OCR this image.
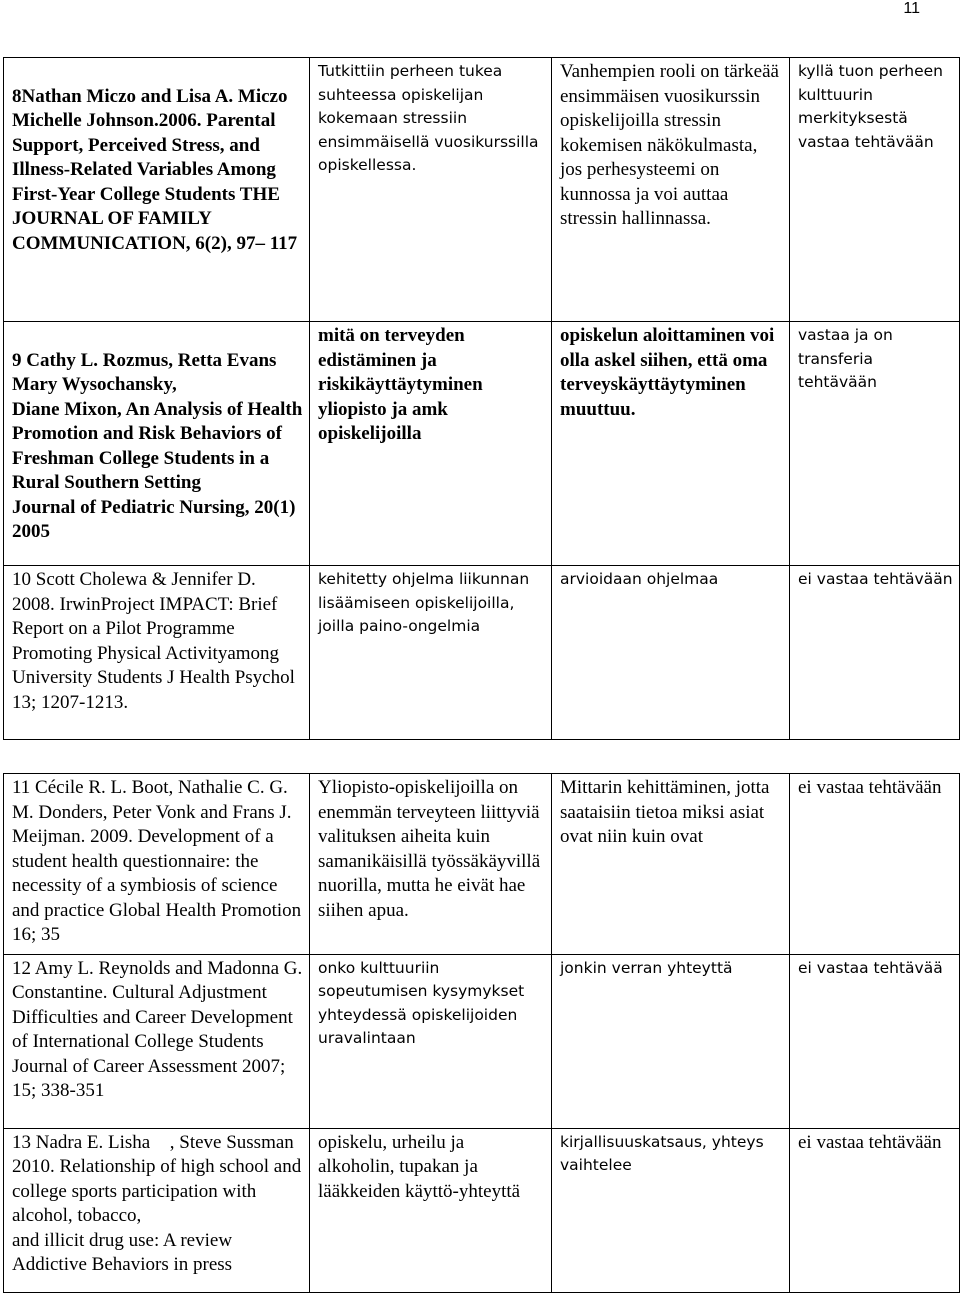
11

8Nathan Miczo and Lisa A. Miczo
Michelle Johnson.2006. Parental Support, Perceived Stress, and Illness-Related Variables Among First-Year College Students THE JOURNAL OF FAMILY COMMUNICATION, 6(2), 97– 117	Tutkittiin perheen tukea suhteessa opiskelijan kokemaan stressiin ensimmäisellä vuosikurssilla opiskellessa.	Vanhempien rooli on tärkeää ensimmäisen vuosikurssin opiskelijoilla stressin kokemisen näkökulmasta, jos perhesysteemi on kunnossa ja voi auttaa stressin hallinnassa.	kyllä tuon perheen kulttuurin merkityksestä vastaa tehtävään

9 Cathy L. Rozmus, Retta Evans
Mary Wysochansky,
Diane Mixon, An Analysis of Health Promotion and Risk Behaviors of Freshman College Students in a Rural Southern Setting
Journal of Pediatric Nursing, 20(1) 2005	mitä on terveyden edistäminen ja riskikäyttäytyminen yliopisto ja amk opiskelijoilla	opiskelun aloittaminen voi olla askel siihen, että oma terveyskäyttäytyminen muuttuu.	vastaa ja on transferia tehtävään
10 Scott Cholewa & Jennifer D. 2008. IrwinProject IMPACT: Brief Report on a Pilot Programme Promoting Physical Activityamong University Students J Health Psychol 13; 1207-1213.	kehitetty ohjelma liikunnan lisäämiseen opiskelijoilla, joilla paino-ongelmia	arvioidaan ohjelmaa	ei vastaa tehtävään
11 Cécile R. L. Boot, Nathalie C. G. M. Donders, Peter Vonk and Frans J. Meijman. 2009. Development of a student health questionnaire: the necessity of a symbiosis of science and practice Global Health Promotion 16; 35	Yliopisto-opiskelijoilla on enemmän terveyteen liittyviä valituksen aiheita kuin samanikäisillä työssäkäyvillä nuorilla, mutta he eivät hae siihen apua.	Mittarin kehittäminen, jotta saataisiin tietoa miksi asiat ovat niin kuin ovat	ei vastaa tehtävään
12 Amy L. Reynolds and Madonna G. Constantine. Cultural Adjustment Difficulties and Career Development of International College Students Journal of Career Assessment 2007; 15; 338-351	onko kulttuuriin sopeutumisen kysymykset yhteydessä opiskelijoiden uravalintaan	jonkin verran yhteyttä	ei vastaa tehtävää
13 Nadra E. Lisha , Steve Sussman 2010. Relationship of high school and college sports participation with alcohol, tobacco,
and illicit drug use: A review Addictive Behaviors in press	opiskelu, urheilu ja alkoholin, tupakan ja lääkkeiden käyttö-yhteyttä	kirjallisuuskatsaus, yhteys vaihtelee	ei vastaa tehtävään
